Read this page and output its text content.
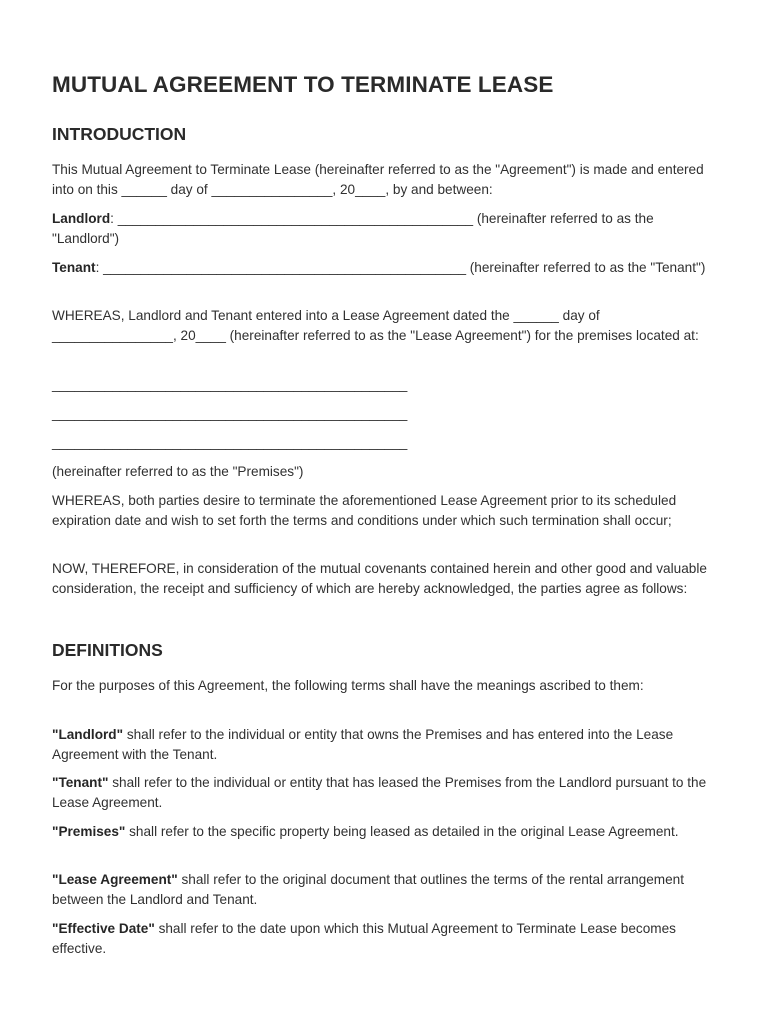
MUTUAL AGREEMENT TO TERMINATE LEASE
INTRODUCTION

This Mutual Agreement to Terminate Lease (hereinafter referred to as the "Agreement") is made and entered into on this ______ day of ________________, 20____, by and between:

Landlord: _______________________________________________ (hereinafter referred to as the "Landlord")

Tenant: ________________________________________________ (hereinafter referred to as the "Tenant")

WHEREAS, Landlord and Tenant entered into a Lease Agreement dated the ______ day of ________________, 20____ (hereinafter referred to as the "Lease Agreement") for the premises located at:

_______________________________________________

_______________________________________________

_______________________________________________

(hereinafter referred to as the "Premises")

WHEREAS, both parties desire to terminate the aforementioned Lease Agreement prior to its scheduled expiration date and wish to set forth the terms and conditions under which such termination shall occur;

NOW, THEREFORE, in consideration of the mutual covenants contained herein and other good and valuable consideration, the receipt and sufficiency of which are hereby acknowledged, the parties agree as follows:

DEFINITIONS

For the purposes of this Agreement, the following terms shall have the meanings ascribed to them:

"Landlord" shall refer to the individual or entity that owns the Premises and has entered into the Lease Agreement with the Tenant.

"Tenant" shall refer to the individual or entity that has leased the Premises from the Landlord pursuant to the Lease Agreement.

"Premises" shall refer to the specific property being leased as detailed in the original Lease Agreement.

"Lease Agreement" shall refer to the original document that outlines the terms of the rental arrangement between the Landlord and Tenant.

"Effective Date" shall refer to the date upon which this Mutual Agreement to Terminate Lease becomes effective.
